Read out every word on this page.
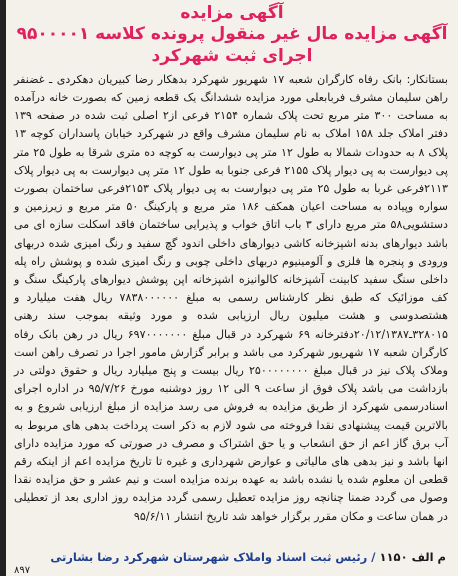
آگهی مزایده
آگهی مزایده مال غیر منقول پرونده کلاسه ۹۵۰۰۰۰۱ اجرای ثبت شهرکرد
بستانکار: بانک رفاه کارگران شعبه ۱۷ شهریور شهرکرد بدهکار رضا کبیریان دهکردی ـ غضنفر راهن سلیمان مشرف فربابعلی مورد مزایده ششدانگ یک قطعه زمین که بصورت خانه درآمده به مساحت ۳۰۰ متر مربع تحت پلاک شماره ۲۱۵۴ فرعی از۲ اصلی ثبت شده در صفحه ۱۳۹ دفتر املاک جلد ۱۵۸ املاک به نام سلیمان مشرف واقع در شهرکرد خیابان پاسداران کوچه ۱۳ پلاک ۸ به حدودات شمالا به طول ۱۲ متر پی دیوارست به کوچه ده متری شرقا به طول ۲۵ متر پی دیوارست به پی دیوار پلاک ۲۱۵۵ فرعی جنوبا به طول ۱۲ متر پی دیوارست به پی دیوار پلاک ۲۱۱۳فرعی غربا به طول ۲۵ متر پی دیوارست به پی دیوار پلاک ۲۱۵۳فرعی ساختمان بصورت سواره وپیاده به مساحت اعیان همکف ۱۸۶ متر مربع و پارکینگ ۵۰ متر مربع و زیرزمین و دستشویی۵۸ متر مربع دارای ۳ باب اتاق خواب و پذیرایی ساختمان فاقد اسکلت سازه ای می باشد دیوارهای بدنه اشپزخانه کاشی دیوارهای داخلی اندود گچ سفید و رنگ امیزی شده دربهای ورودی و پنجره ها فلزی و آلومینیوم دربهای داخلی چوبی و رنگ امیزی شده و پوشش راه پله داخلی سنگ سفید کابینت آشپزخانه کالوانیزه اشپزخانه اپن پوشش دیوارهای پارکینگ سنگ و کف موزائیک که طبق نظر کارشناس رسمی به مبلغ ۷۸۳۸۰۰۰۰۰۰ ریال هفت میلیارد و هشتصدوسی و هشت میلیون ریال ارزیابی شده و مورد وثیقه بموجب سند رهنی ۳۲۸۰۱۵ـ۲۰/۱۲/۱۳۸۷دفترخانه ۶۹ شهرکرد در قبال مبلغ ۶۹۷۰۰۰۰۰۰۰ ریال در رهن بانک رفاه کارگران شعبه ۱۷ شهریور شهرکرد می باشد و برابر گزارش مامور اجرا در تصرف راهن است وملاک پلاک نیز در قبال مبلغ ۲۵۰۰۰۰۰۰۰۰ ریال بیست و پنج میلیارد ریال و حقوق دولتی در بازداشت می باشد پلاک فوق از ساعت ۹ الی ۱۲ روز دوشنبه مورخ ۹۵/۷/۲۶ در اداره اجرای اسنادرسمی شهرکرد از طریق مزایده به فروش می رسد مزایده از مبلغ ارزیابی شروع و به بالاترین قیمت پیشنهادی نقدا فروخته می شود لازم به ذکر است پرداخت بدهی های مربوط به آب برق گاز اعم از حق انشعاب و یا حق اشتراک و مصرف در صورتی که مورد مزایده دارای انها باشد و نیز بدهی های مالیاتی و عوارض شهرداری و غیره تا تاریخ مزایده اعم از اینکه رقم قطعی ان معلوم شده یا نشده باشد به عهده برنده مزایده است و نیم عشر و حق مزایده نقدا وصول می گردد ضمنا چنانچه روز مزایده تعطیل رسمی گردد مزایده روز اداری بعد از تعطیلی در همان ساعت و مکان مقرر برگزار خواهد شد تاریخ انتشار ۹۵/۶/۱۱
م الف ۱۱۵۰ / رئیس ثبت اسناد واملاک شهرستان شهرکرد رضا بشارتی
۸۹۷
